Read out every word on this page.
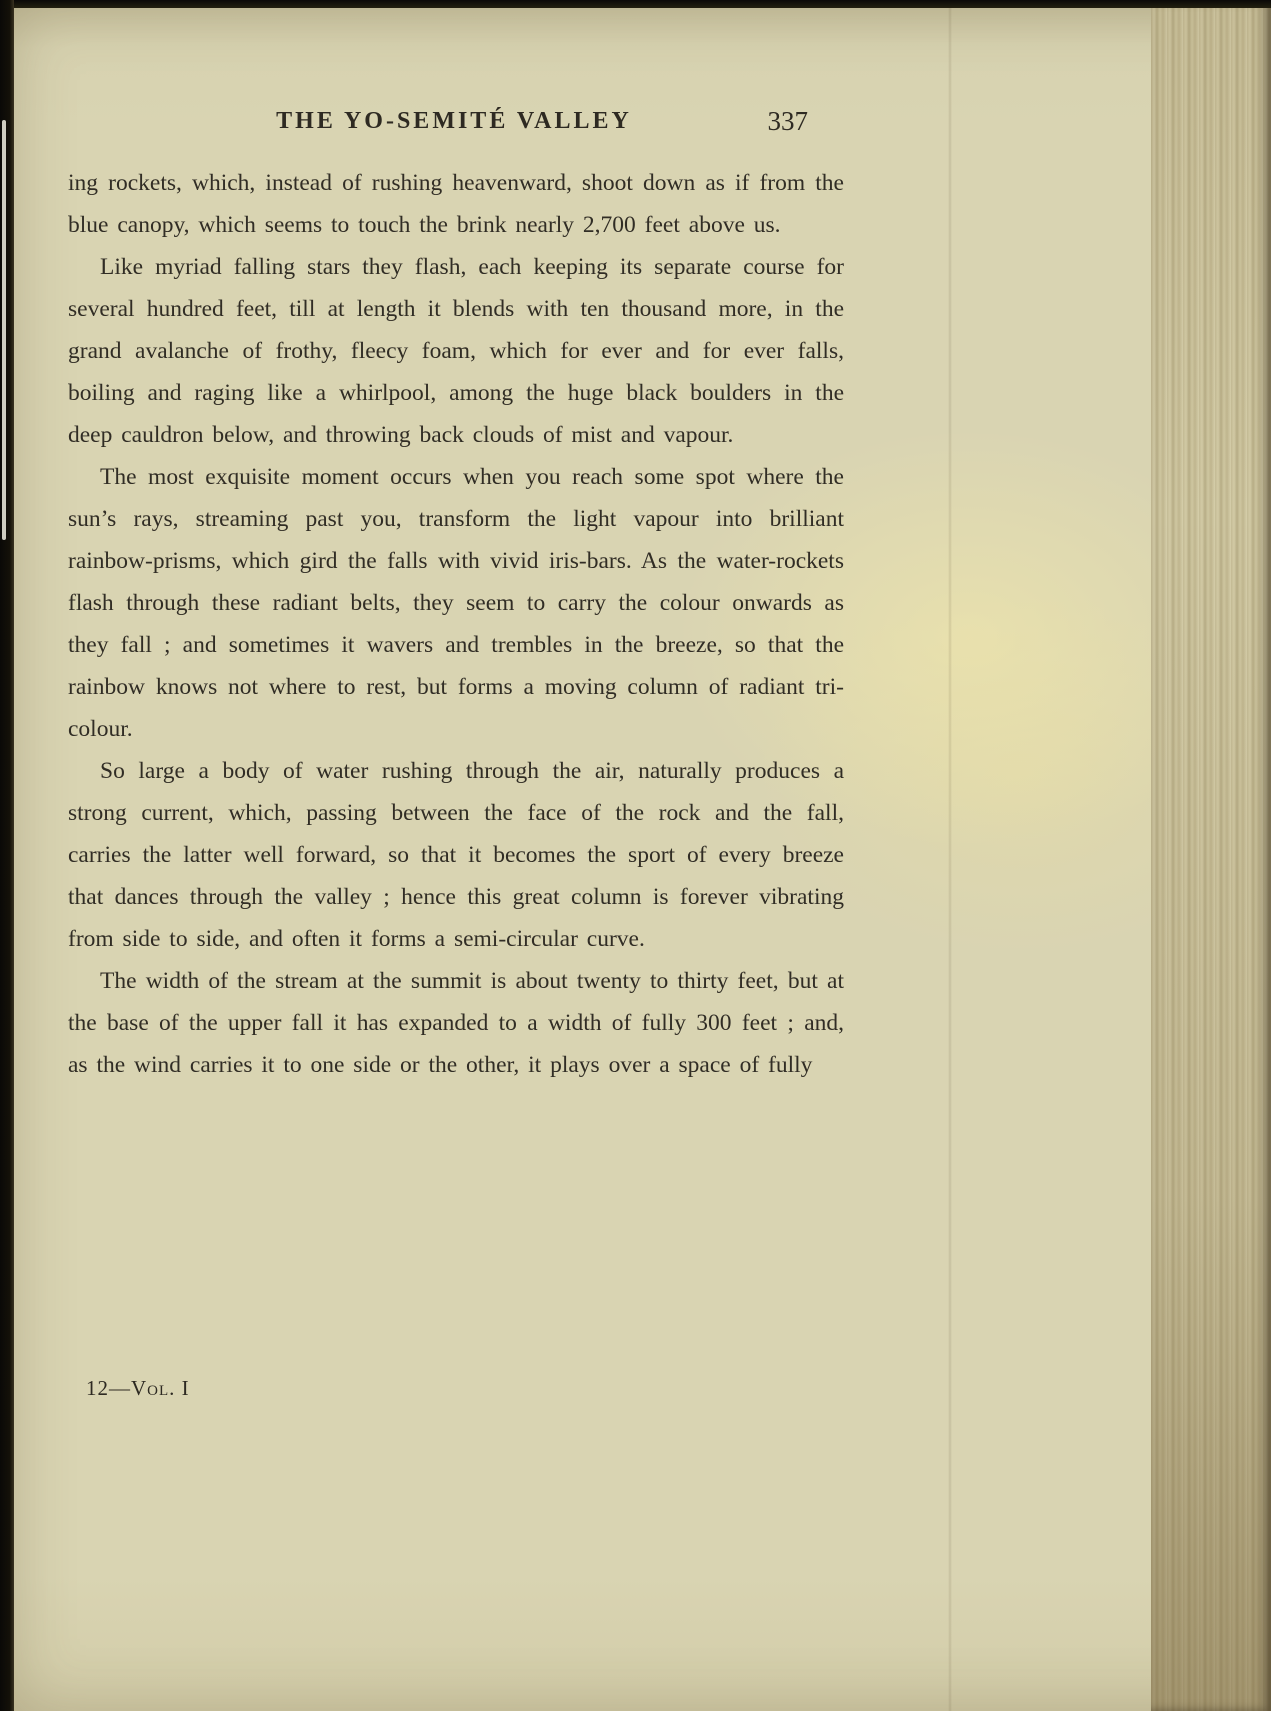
THE YO-SEMITÉ VALLEY	337

ing rockets, which, instead of rushing heavenward, shoot down as if from the blue canopy, which seems to touch the brink nearly 2,700 feet above us.

Like myriad falling stars they flash, each keeping its separate course for several hundred feet, till at length it blends with ten thousand more, in the grand avalanche of frothy, fleecy foam, which for ever and for ever falls, boiling and raging like a whirlpool, among the huge black boulders in the deep cauldron below, and throwing back clouds of mist and vapour.

The most exquisite moment occurs when you reach some spot where the sun’s rays, streaming past you, transform the light vapour into brilliant rainbow-prisms, which gird the falls with vivid iris-bars. As the water-rockets flash through these radiant belts, they seem to carry the colour onwards as they fall ; and sometimes it wavers and trembles in the breeze, so that the rainbow knows not where to rest, but forms a moving column of radiant tri-colour.

So large a body of water rushing through the air, naturally produces a strong current, which, passing between the face of the rock and the fall, carries the latter well forward, so that it becomes the sport of every breeze that dances through the valley ; hence this great column is forever vibrating from side to side, and often it forms a semi-circular curve.

The width of the stream at the summit is about twenty to thirty feet, but at the base of the upper fall it has expanded to a width of fully 300 feet ; and, as the wind carries it to one side or the other, it plays over a space of fully

12—Vol. I
